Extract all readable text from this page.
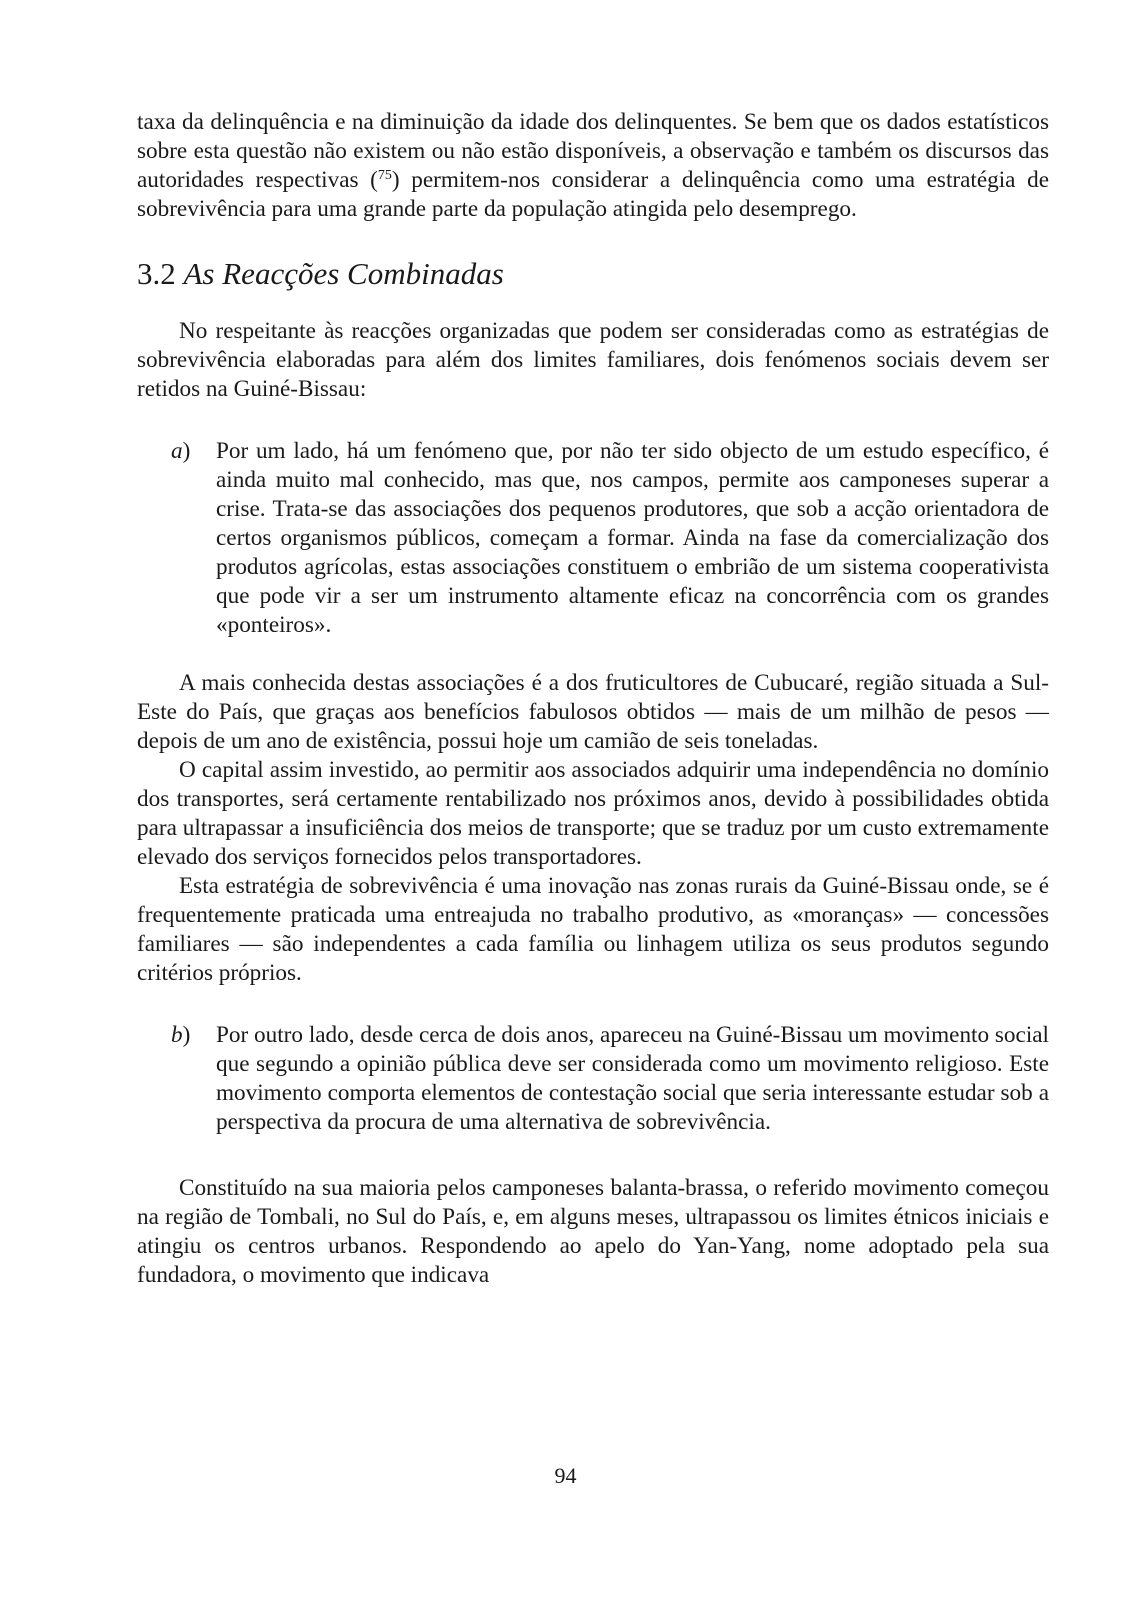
taxa da delinquência e na diminuição da idade dos delinquentes. Se bem que os dados estatísticos sobre esta questão não existem ou não estão disponíveis, a observação e também os discursos das autoridades respectivas ($^{75}$) permitem-nos considerar a delinquência como uma estratégia de sobrevivência para uma grande parte da população atingida pelo desemprego.

3.2 As Reacções Combinadas

No respeitante às reacções organizadas que podem ser consideradas como as estratégias de sobrevivência elaboradas para além dos limites familiares, dois fenómenos sociais devem ser retidos na Guiné-Bissau:

a) Por um lado, há um fenómeno que, por não ter sido objecto de um estudo específico, é ainda muito mal conhecido, mas que, nos campos, permite aos camponeses superar a crise. Trata-se das associações dos pequenos produtores, que sob a acção orientadora de certos organismos públicos, começam a formar. Ainda na fase da comercialização dos produtos agrícolas, estas associações constituem o embrião de um sistema cooperativista que pode vir a ser um instrumento altamente eficaz na concorrência com os grandes «ponteiros».

A mais conhecida destas associações é a dos fruticultores de Cubucaré, região situada a Sul-Este do País, que graças aos benefícios fabulosos obtidos — mais de um milhão de pesos — depois de um ano de existência, possui hoje um camião de seis toneladas.

O capital assim investido, ao permitir aos associados adquirir uma independência no domínio dos transportes, será certamente rentabilizado nos próximos anos, devido à possibilidades obtida para ultrapassar a insuficiência dos meios de transporte; que se traduz por um custo extremamente elevado dos serviços fornecidos pelos transportadores.

Esta estratégia de sobrevivência é uma inovação nas zonas rurais da Guiné-Bissau onde, se é frequentemente praticada uma entreajuda no trabalho produtivo, as «moranças» — concessões familiares — são independentes a cada família ou linhagem utiliza os seus produtos segundo critérios próprios.

b) Por outro lado, desde cerca de dois anos, apareceu na Guiné-Bissau um movimento social que segundo a opinião pública deve ser considerada como um movimento religioso. Este movimento comporta elementos de contestação social que seria interessante estudar sob a perspectiva da procura de uma alternativa de sobrevivência.

Constituído na sua maioria pelos camponeses balanta-brassa, o referido movimento começou na região de Tombali, no Sul do País, e, em alguns meses, ultrapassou os limites étnicos iniciais e atingiu os centros urbanos. Respondendo ao apelo do Yan-Yang, nome adoptado pela sua fundadora, o movimento que indicava

94
